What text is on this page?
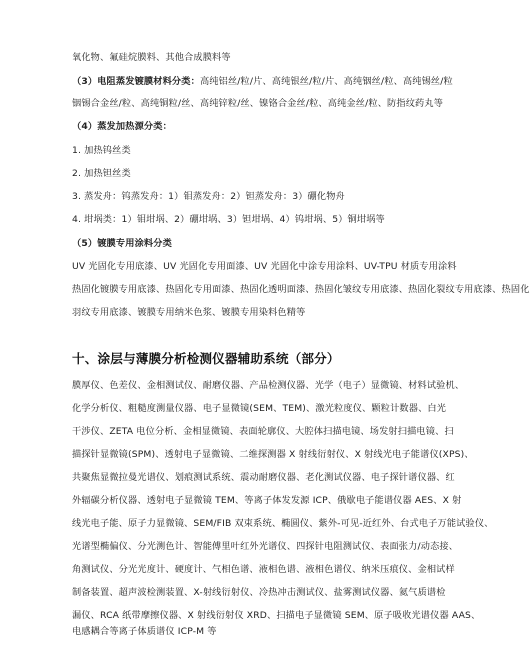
氧化物、氟硅烷膜料、其他合成膜料等
（3）电阻蒸发镀膜材料分类：高纯铝丝/粒/片、高纯银丝/粒/片、高纯铟丝/粒、高纯锡丝/粒
铟锡合金丝/粒、高纯铜粒/丝、高纯锌粒/丝、镍铬合金丝/粒、高纯金丝/粒、防指纹药丸等
（4）蒸发加热源分类：
1. 加热钨丝类
2. 加热钽丝类
3. 蒸发舟：钨蒸发舟：1）钼蒸发舟：2）钽蒸发舟：3）硼化物舟
4. 坩埚类：1）钼坩埚、2）硼坩埚、3）钽坩埚、4）钨坩埚、5）铜坩埚等
（5）镀膜专用涂料分类
UV 光固化专用底漆、UV 光固化专用面漆、UV 光固化中涂专用涂料、UV-TPU 材质专用涂料
热固化镀膜专用底漆、热固化专用面漆、热固化透明面漆、热固化皱纹专用底漆、热固化裂纹专用底漆、热固化
羽纹专用底漆、镀膜专用纳米色浆、镀膜专用染料色精等
十、涂层与薄膜分析检测仪器辅助系统（部分）
膜厚仪、色差仪、金相测试仪、耐磨仪器、产品检测仪器、光学（电子）显微镜、材料试验机、
化学分析仪、粗糙度测量仪器、电子显微镜(SEM、TEM)、激光粒度仪、颗粒计数器、白光
干涉仪、ZETA 电位分析、金相显微镜、表面轮廓仪、大腔体扫描电镜、场发射扫描电镜、扫
描探针显微镜(SPM)、透射电子显微镜、二维探测器 X 射线衍射仪、X 射线光电子能谱仪(XPS)、
共聚焦显微拉曼光谱仪、划痕测试系统、震动耐磨仪器、老化测试仪器、电子探针谱仪器、红
外辐碳分析仪器、透射电子显微镜 TEM、等离子体发发源 ICP、俄歇电子能谱仪器 AES、X 射
线光电子能、原子力显微镜、SEM/FIB 双束系统、椭圆仪、紫外-可见-近红外、台式电子万能试验仪、
光谱型椭偏仪、分光测色计、智能傅里叶红外光谱仪、四探针电阻测试仪、表面张力/动态接、
角测试仪、分光光度计、硬度计、气相色谱、液相色谱、液相色谱仪、纳米压痕仪、金相试样
制备装置、超声波检测装置、X-射线衍射仪、冷热冲击测试仪、盐雾测试仪器、氦气质谱检
漏仪、RCA 纸带摩擦仪器、X 射线衍射仪 XRD、扫描电子显微镜 SEM、原子吸收光谱仪器 AAS、
电感耦合等离子体质谱仪 ICP-M 等
